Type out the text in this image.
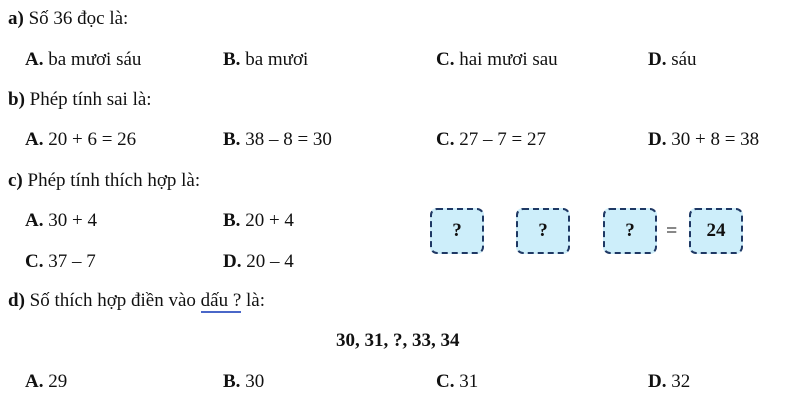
a) Số 36 đọc là:
A. ba mươi sáu	B. ba mươi	C. hai mươi sau	D. sáu
b) Phép tính sai là:
A. 20 + 6 = 26	B. 38 – 8 = 30	C. 27 – 7 = 27	D. 30 + 8 = 38
c) Phép tính thích hợp là:
A. 30 + 4	B. 20 + 4
C. 37 – 7	D. 20 – 4
?	?	?	=	24
d) Số thích hợp điền vào dấu ? là:
30, 31, ?, 33, 34
A. 29	B. 30	C. 31	D. 32
